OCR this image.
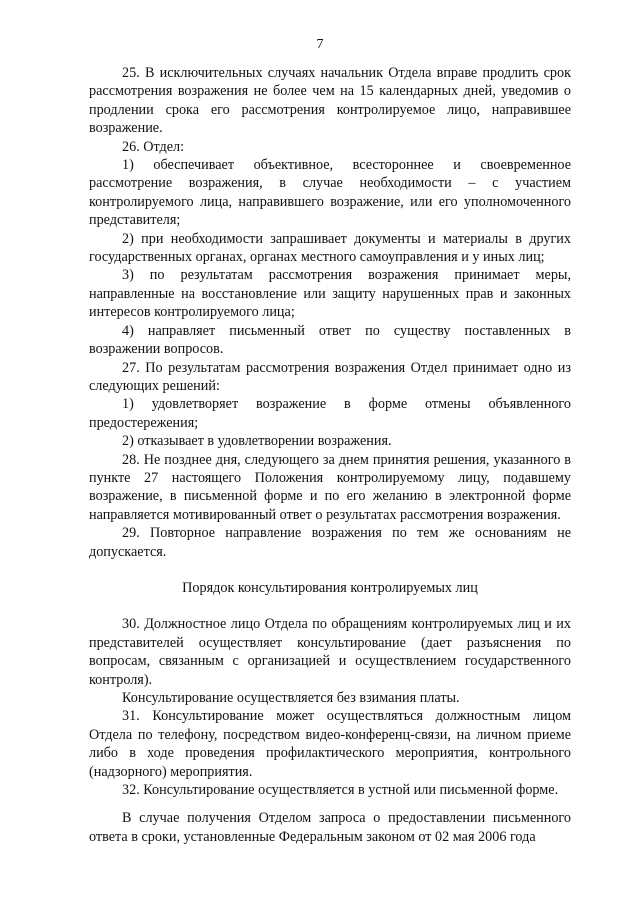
7

25. В исключительных случаях начальник Отдела вправе продлить срок рассмотрения возражения не более чем на 15 календарных дней, уведомив о продлении срока его рассмотрения контролируемое лицо, направившее возражение.

26. Отдел:

1) обеспечивает объективное, всестороннее и своевременное рассмотрение возражения, в случае необходимости – с участием контролируемого лица, направившего возражение, или его уполномоченного представителя;

2) при необходимости запрашивает документы и материалы в других государственных органах, органах местного самоуправления и у иных лиц;

3) по результатам рассмотрения возражения принимает меры, направленные на восстановление или защиту нарушенных прав и законных интересов контролируемого лица;

4) направляет письменный ответ по существу поставленных в возражении вопросов.

27. По результатам рассмотрения возражения Отдел принимает одно из следующих решений:

1) удовлетворяет возражение в форме отмены объявленного предостережения;

2) отказывает в удовлетворении возражения.

28. Не позднее дня, следующего за днем принятия решения, указанного в пункте 27 настоящего Положения контролируемому лицу, подавшему возражение, в письменной форме и по его желанию в электронной форме направляется мотивированный ответ о результатах рассмотрения возражения.

29. Повторное направление возражения по тем же основаниям не допускается.

Порядок консультирования контролируемых лиц

30. Должностное лицо Отдела по обращениям контролируемых лиц и их представителей осуществляет консультирование (дает разъяснения по вопросам, связанным с организацией и осуществлением государственного контроля).

Консультирование осуществляется без взимания платы.

31. Консультирование может осуществляться должностным лицом Отдела по телефону, посредством видео-конференц-связи, на личном приеме либо в ходе проведения профилактического мероприятия, контрольного (надзорного) мероприятия.

32. Консультирование осуществляется в устной или письменной форме.

В случае получения Отделом запроса о предоставлении письменного ответа в сроки, установленные Федеральным законом от 02 мая 2006 года
